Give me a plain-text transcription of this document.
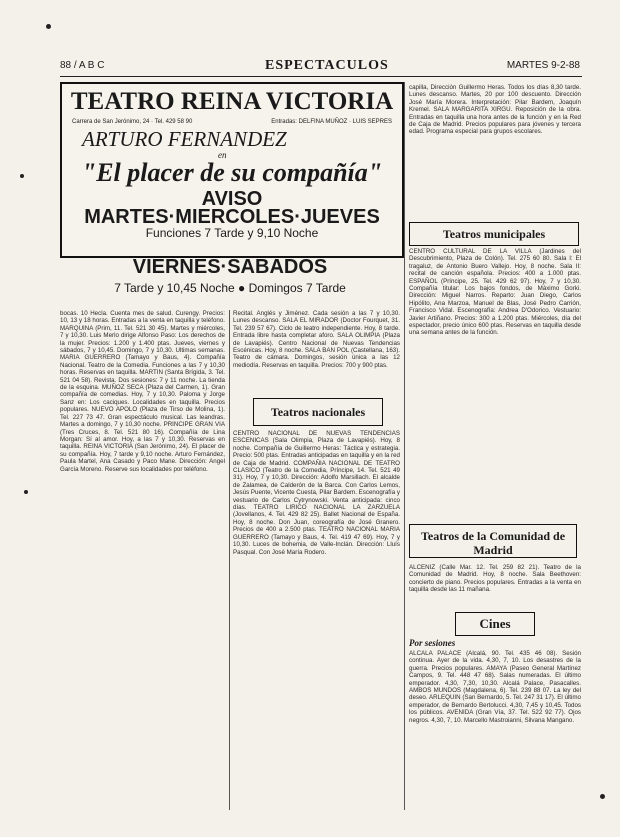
88 / A B C	ESPECTACULOS	MARTES 9-2-88
TEATRO REINA VICTORIA
Carrera de San Jerónimo, 24 · Tel. 429 58 90	Entradas: DELFINA MUÑOZ · LUIS SEPRES
ARTURO FERNANDEZ
en
"El placer de su compañía"
AVISO
MARTES·MIERCOLES·JUEVES
Funciones 7 Tarde y 9,10 Noche
VIERNES·SABADOS
7 Tarde y 10,45 Noche ● Domingos 7 Tarde

bocas. 10 Hecla. Cuenta mes de salud. Curengy. Precios: 10, 13 y 18 horas. Entradas a la venta en taquilla y teléfono. MARQUINA (Prim, 11. Tel. 521 30 45). Martes y miércoles, 7 y 10,30. Luis Merlo dirige Alfonso Paso: Los derechos de la mujer. Precios: 1.200 y 1.400 ptas. Jueves, viernes y sábados, 7 y 10,45. Domingo, 7 y 10,30. Ultimas semanas. MARIA GUERRERO (Tamayo y Baus, 4). Compañía Nacional. Teatro de la Comedia. Funciones a las 7 y 10,30 horas. Reservas en taquilla. MARTIN (Santa Brígida, 3. Tel. 521 04 58). Revista. Dos sesiones: 7 y 11 noche. La tienda de la esquina. MUÑOZ SECA (Plaza del Carmen, 1). Gran compañía de comedias. Hoy, 7 y 10,30. Paloma y Jorge Sanz en: Los caciques. Localidades en taquilla. Precios populares. NUEVO APOLO (Plaza de Tirso de Molina, 1). Tel. 227 73 47. Gran espectáculo musical. Las leandras. Martes a domingo, 7 y 10,30 noche. PRINCIPE GRAN VIA (Tres Cruces, 8. Tel. 521 80 16). Compañía de Lina Morgan: Sí al amor. Hoy, a las 7 y 10,30. Reservas en taquilla. REINA VICTORIA (San Jerónimo, 24). El placer de su compañía. Hoy, 7 tarde y 9,10 noche. Arturo Fernández, Paula Martel, Ana Casado y Paco Mane. Dirección: Angel García Moreno. Reserve sus localidades por teléfono.

Recital. Anglés y Jiménez. Cada sesión a las 7 y 10,30. Lunes descanso. SALA EL MIRADOR (Doctor Fourquet, 31. Tel. 239 57 67). Ciclo de teatro independiente. Hoy, 8 tarde. Entrada libre hasta completar aforo. SALA OLIMPIA (Plaza de Lavapiés). Centro Nacional de Nuevas Tendencias Escénicas. Hoy, 8 noche. SALA BAN POL (Castellana, 163). Teatro de cámara. Domingos, sesión única a las 12 mediodía. Reservas en taquilla. Precios: 700 y 900 ptas.

Teatros nacionales

CENTRO NACIONAL DE NUEVAS TENDENCIAS ESCENICAS (Sala Olimpia, Plaza de Lavapiés). Hoy, 8 noche. Compañía de Guillermo Heras: Táctica y estrategia. Precio: 500 ptas. Entradas anticipadas en taquilla y en la red de Caja de Madrid. COMPAÑIA NACIONAL DE TEATRO CLASICO (Teatro de la Comedia, Príncipe, 14. Tel. 521 49 31). Hoy, 7 y 10,30. Dirección: Adolfo Marsillach. El alcalde de Zalamea, de Calderón de la Barca. Con Carlos Lemos, Jesús Puente, Vicente Cuesta, Pilar Bardem. Escenografía y vestuario de Carlos Cytrynowski. Venta anticipada: cinco días. TEATRO LIRICO NACIONAL LA ZARZUELA (Jovellanos, 4. Tel. 429 82 25). Ballet Nacional de España. Hoy, 8 noche. Don Juan, coreografía de José Granero. Precios de 400 a 2.500 ptas. TEATRO NACIONAL MARIA GUERRERO (Tamayo y Baus, 4. Tel. 419 47 69). Hoy, 7 y 10,30. Luces de bohemia, de Valle-Inclán. Dirección: Lluís Pasqual. Con José María Rodero.

capilla, Dirección Guillermo Heras. Todos los días 8,30 tarde. Lunes descanso. Martes, 20 por 100 descuento. Dirección José María Morera. Interpretación: Pilar Bardem, Joaquín Kremel. SALA MARGARITA XIRGU. Reposición de la obra. Entradas en taquilla una hora antes de la función y en la Red de Caja de Madrid. Precios populares para jóvenes y tercera edad. Programa especial para grupos escolares.

Teatros municipales

CENTRO CULTURAL DE LA VILLA (Jardines del Descubrimiento, Plaza de Colón). Tel. 275 60 80. Sala I: El tragaluz, de Antonio Buero Vallejo. Hoy, 8 noche. Sala II: recital de canción española. Precios: 400 a 1.000 ptas. ESPAÑOL (Príncipe, 25. Tel. 429 62 97). Hoy, 7 y 10,30. Compañía titular: Los bajos fondos, de Máximo Gorki. Dirección: Miguel Narros. Reparto: Juan Diego, Carlos Hipólito, Ana Marzoa, Manuel de Blas, José Pedro Carrión, Francisco Vidal. Escenografía: Andrea D'Odorico. Vestuario: Javier Artiñano. Precios: 300 a 1.200 ptas. Miércoles, día del espectador, precio único 600 ptas. Reservas en taquilla desde una semana antes de la función.

Teatros de la Comunidad de Madrid

ALCENIZ (Calle Mar. 12. Tel. 259 82 21). Teatro de la Comunidad de Madrid. Hoy, 8 noche. Sala Beethoven: concierto de piano. Precios populares. Entradas a la venta en taquilla desde las 11 mañana.

Cines
Por sesiones

ALCALA PALACE (Alcalá, 90. Tel. 435 46 08). Sesión continua. Ayer de la vida. 4,30, 7, 10. Los desastres de la guerra. Precios populares. AMAYA (Paseo General Martínez Campos, 9. Tel. 448 47 68). Salas numeradas. El último emperador. 4,30, 7,30, 10,30. Alcalá Palace, Pasacalles. AMBOS MUNDOS (Magdalena, 6). Tel. 239 88 07. La ley del deseo. ARLEQUIN (San Bernardo, 5. Tel. 247 31 17). El último emperador, de Bernardo Bertolucci. 4,30, 7,45 y 10,45. Todos los públicos. AVENIDA (Gran Vía, 37. Tel. 522 92 77). Ojos negros. 4,30, 7, 10. Marcello Mastroianni, Silvana Mangano.
